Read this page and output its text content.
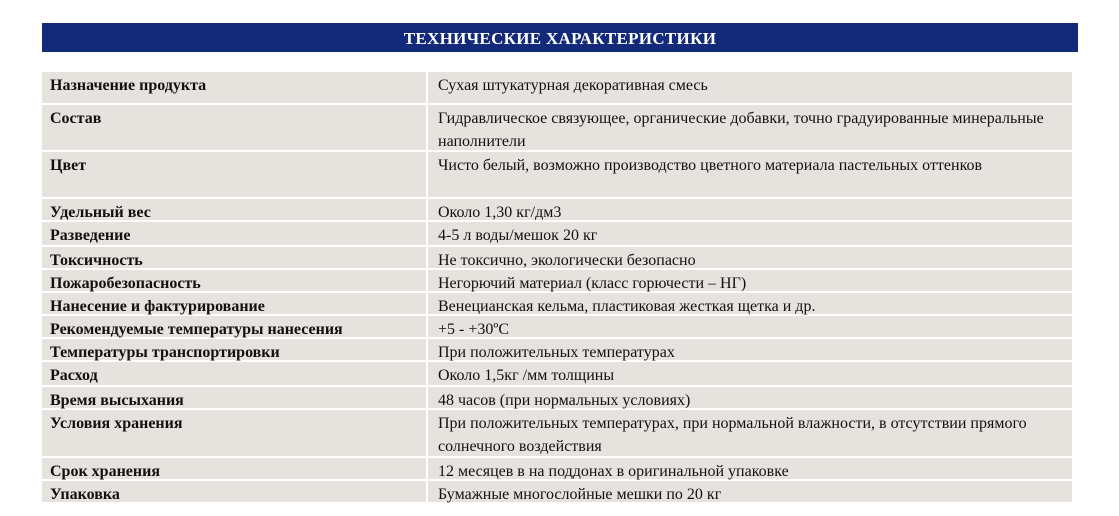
ТЕХНИЧЕСКИЕ ХАРАКТЕРИСТИКИ
Назначение продукта	Сухая штукатурная декоративная смесь
Состав	Гидравлическое связующее, органические добавки, точно градуированные минеральные наполнители
Цвет	Чисто белый, возможно производство цветного материала пастельных оттенков
Удельный вес	Около 1,30 кг/дм3
Разведение	4-5 л воды/мешок 20 кг
Токсичность	Не токсично, экологически безопасно
Пожаробезопасность	Негорючий материал (класс горючести – НГ)
Нанесение и фактурирование	Венецианская кельма, пластиковая жесткая щетка и др.
Рекомендуемые температуры нанесения	+5 - +30ºC
Температуры транспортировки	При положительных температурах
Расход	Около 1,5кг /мм толщины
Время высыхания	48 часов (при нормальных условиях)
Условия хранения	При положительных температурах, при нормальной влажности, в отсутствии прямого солнечного воздействия
Срок хранения	12 месяцев в на поддонах в оригинальной упаковке
Упаковка	Бумажные многослойные мешки по 20 кг
